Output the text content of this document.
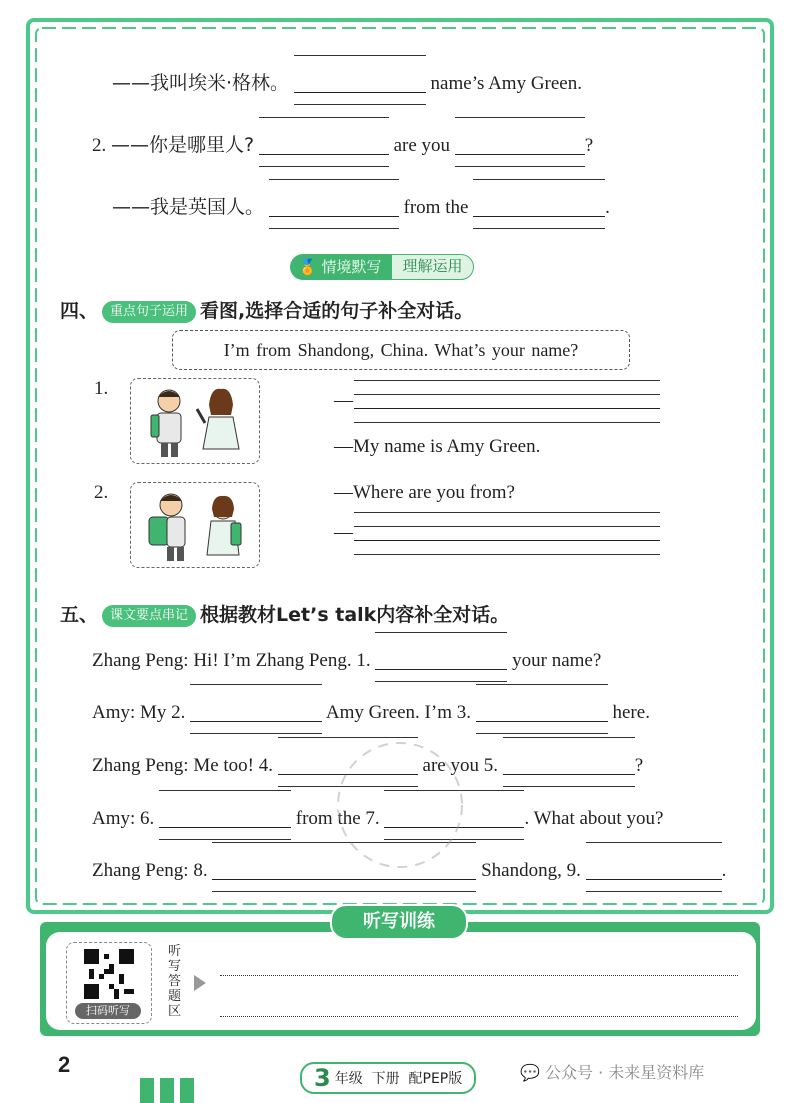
——我叫埃米·格林。	name’s Amy Green.
2. ——你是哪里人?	are you	?
——我是英国人。	from the	.
🏅 情境默写	理解运用
四、 重点句子运用 看图,选择合适的句子补全对话。
I’m from Shandong, China. What’s your name?
1.
—
—My name is Amy Green.
2.	—Where are you from?
—
五、 课文要点串记 根据教材Let’s talk内容补全对话。
Zhang Peng: Hi! I’m Zhang Peng. 1.	your name?
Amy: My 2.	Amy Green. I’m 3.	here.
Zhang Peng: Me too! 4.	are you 5.	?
Amy: 6.	from the 7.	. What about you?
Zhang Peng: 8.	Shandong, 9.	.
听写训练
扫码听写
听写答题区
2	3 年级
下册
配PEP版	💬 公众号 · 未来星资料库
